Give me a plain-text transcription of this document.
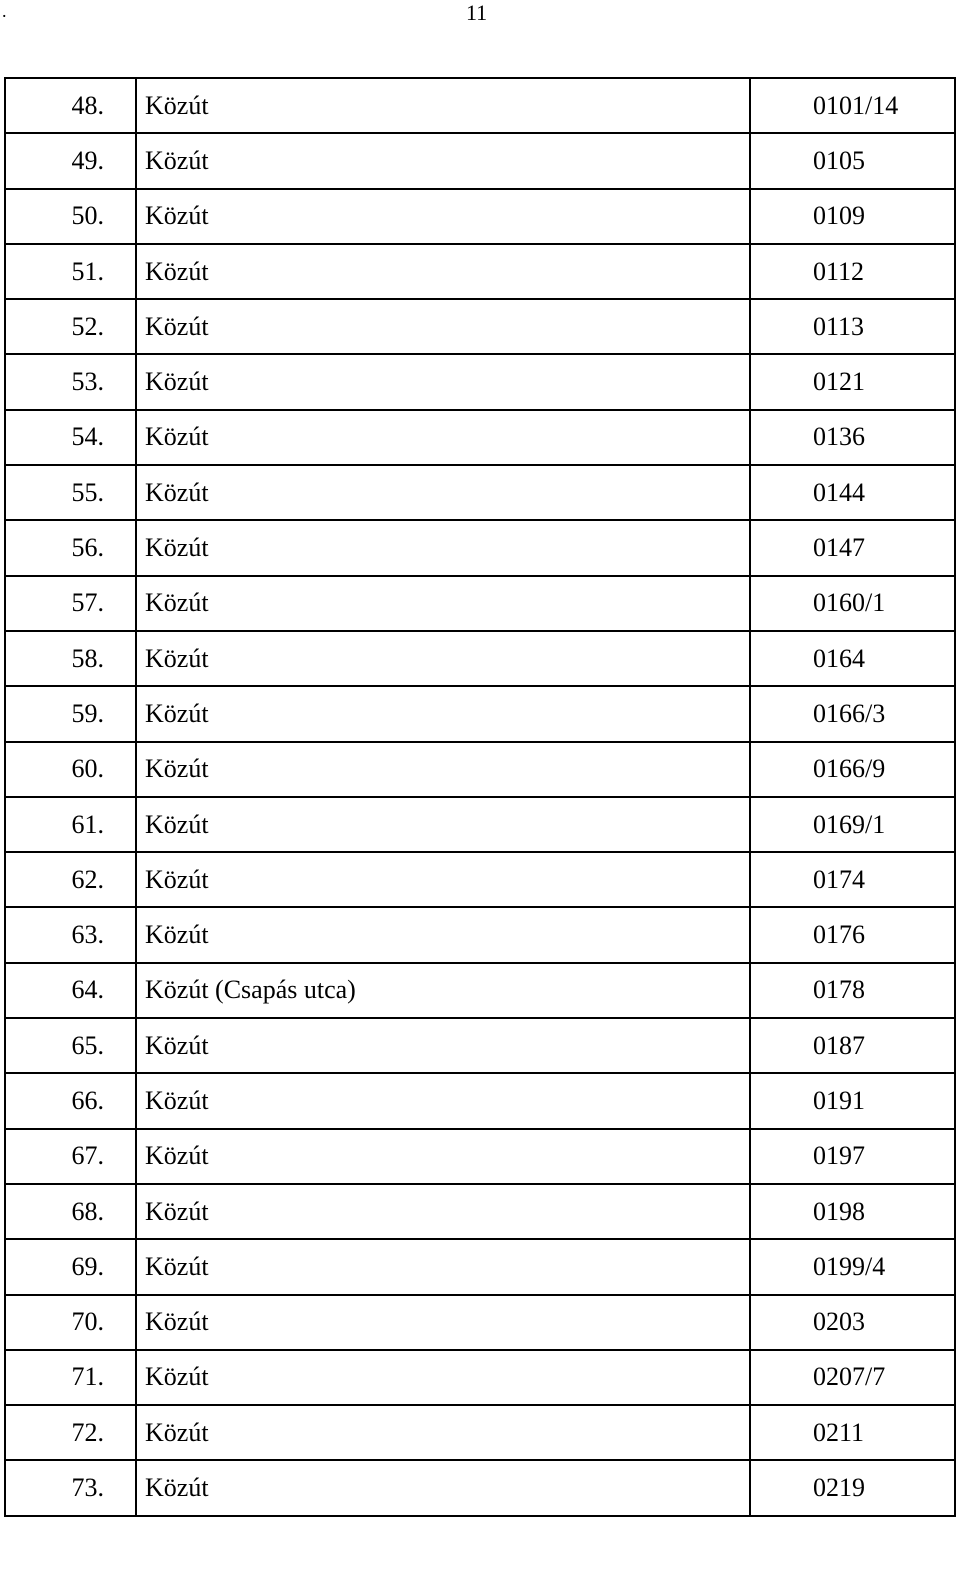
.	11
48.	Közút	0101/14
49.	Közút	0105
50.	Közút	0109
51.	Közút	0112
52.	Közút	0113
53.	Közút	0121
54.	Közút	0136
55.	Közút	0144
56.	Közút	0147
57.	Közút	0160/1
58.	Közút	0164
59.	Közút	0166/3
60.	Közút	0166/9
61.	Közút	0169/1
62.	Közút	0174
63.	Közút	0176
64.	Közút (Csapás utca)	0178
65.	Közút	0187
66.	Közút	0191
67.	Közút	0197
68.	Közút	0198
69.	Közút	0199/4
70.	Közút	0203
71.	Közút	0207/7
72.	Közút	0211
73.	Közút	0219
